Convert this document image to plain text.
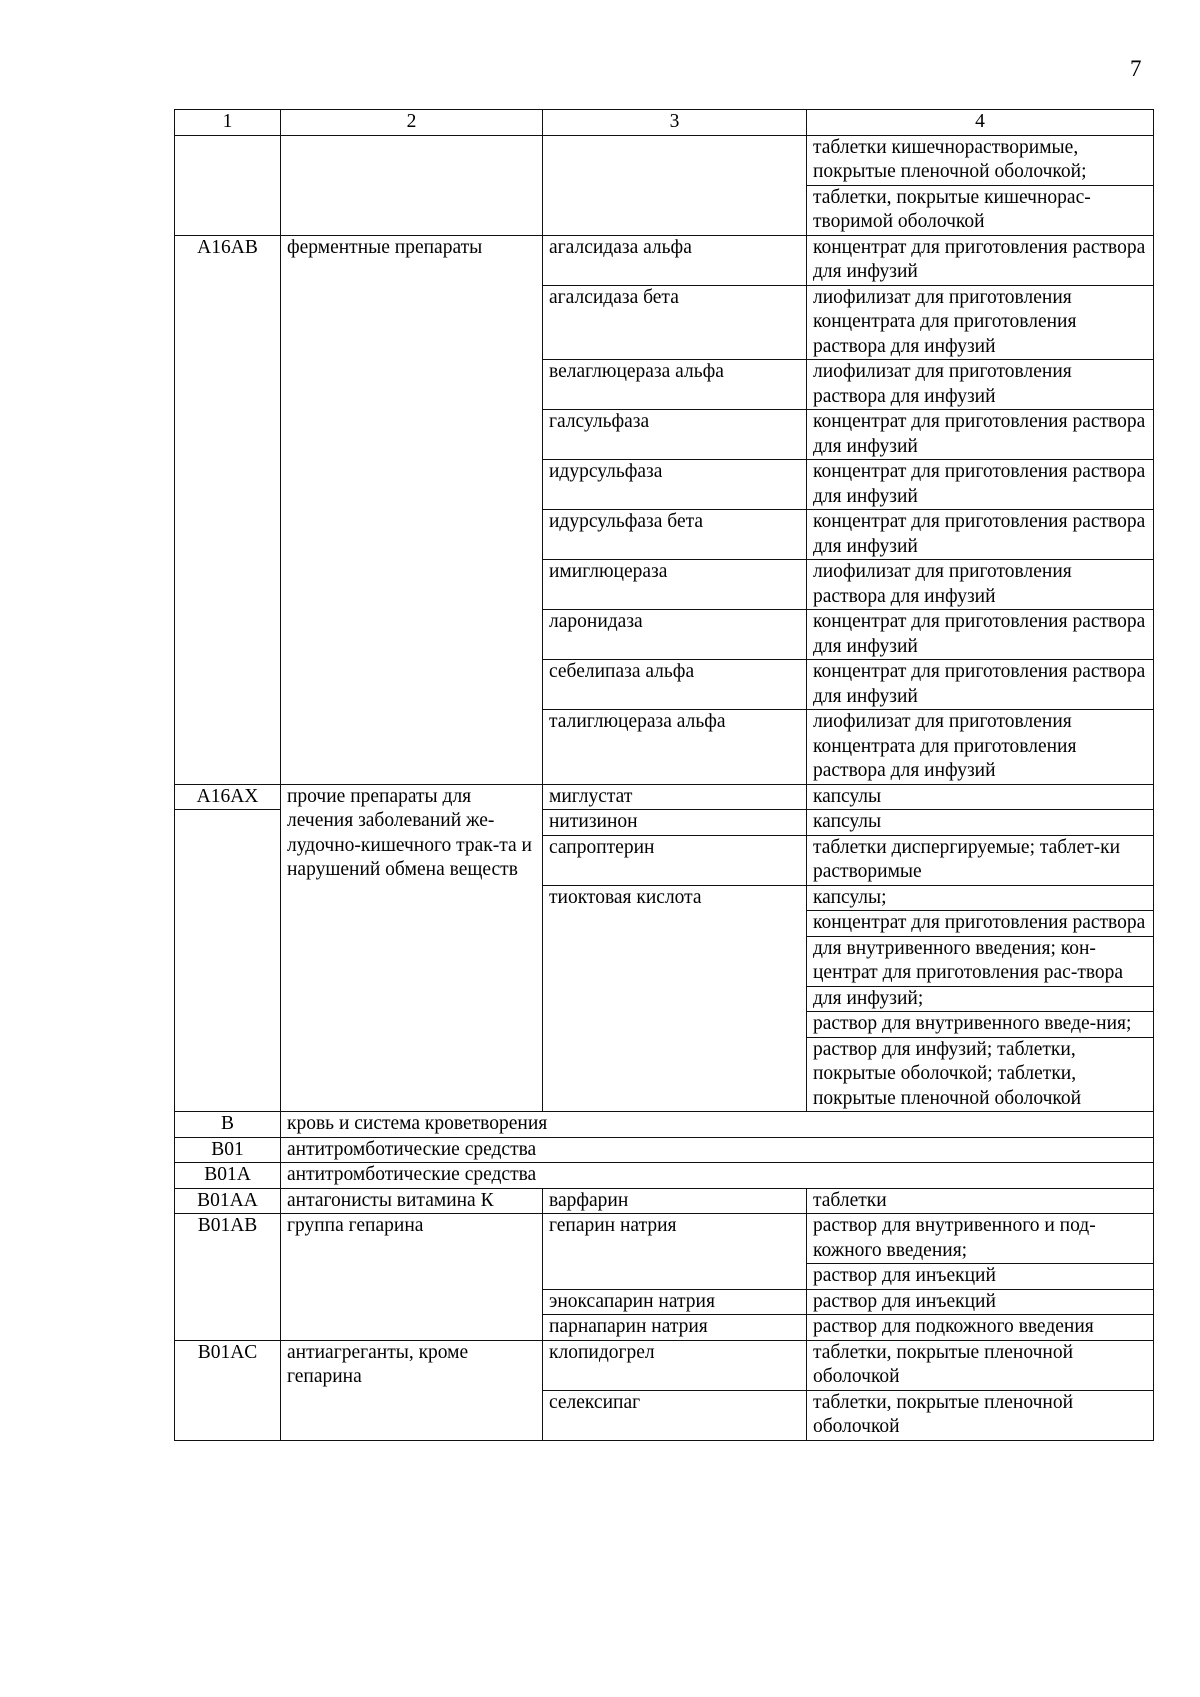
7
1	2	3	4
			таблетки кишечнорастворимые, покрытые пленочной оболочкой;
			таблетки, покрытые кишечнорас-творимой оболочкой
A16AB	ферментные препараты	агалсидаза альфа	концентрат для приготовления раствора для инфузий
		агалсидаза бета	лиофилизат для приготовления концентрата для приготовления раствора для инфузий
		велаглюцераза альфа	лиофилизат для приготовления раствора для инфузий
		галсульфаза	концентрат для приготовления раствора для инфузий
		идурсульфаза	концентрат для приготовления раствора для инфузий
		идурсульфаза бета	концентрат для приготовления раствора для инфузий
		имиглюцераза	лиофилизат для приготовления раствора для инфузий
		ларонидаза	концентрат для приготовления раствора для инфузий
		себелипаза альфа	концентрат для приготовления раствора для инфузий
		талиглюцераза альфа	лиофилизат для приготовления концентрата для приготовления раствора для инфузий
A16AX	прочие препараты для лечения заболеваний же-лудочно-кишечного трак-та и нарушений обмена веществ	миглустат	капсулы
		нитизинон	капсулы
		сапроптерин	таблетки диспергируемые; таблет-ки растворимые
		тиоктовая кислота	капсулы;
			концентрат для приготовления раствора
			для внутривенного введения; кон-центрат для приготовления рас-твора
			для инфузий;
			раствор для внутривенного введе-ния;
			раствор для инфузий; таблетки, покрытые оболочкой; таблетки, покрытые пленочной оболочкой
B	кровь и система кроветворения		
B01	антитромботические средства		
B01A	антитромботические средства		
B01AA	антагонисты витамина К	варфарин	таблетки
B01AB	группа гепарина	гепарин натрия	раствор для внутривенного и под-кожного введения;
			раствор для инъекций
		эноксапарин натрия	раствор для инъекций
		парнапарин натрия	раствор для подкожного введения
B01AC	антиагреганты, кроме гепарина	клопидогрел	таблетки, покрытые пленочной оболочкой
		селексипаг	таблетки, покрытые пленочной оболочкой
